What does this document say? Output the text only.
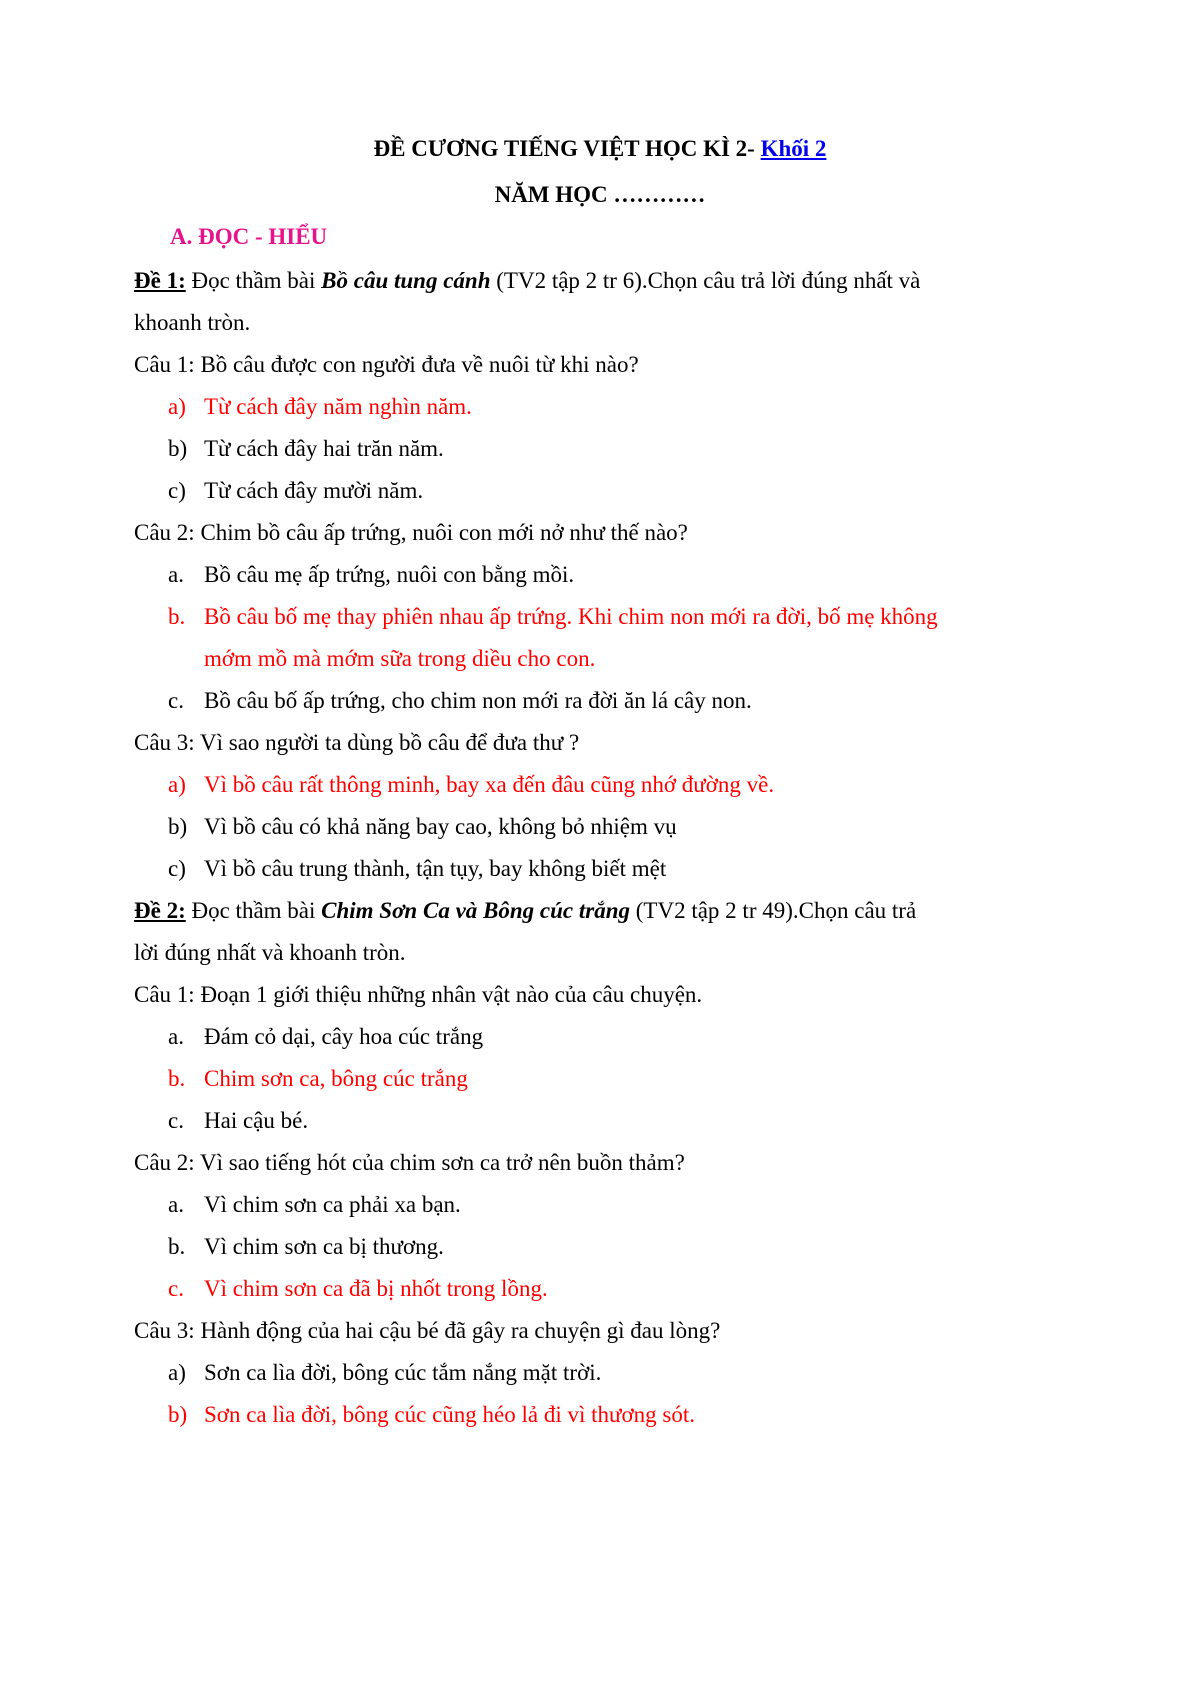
ĐỀ CƯƠNG TIẾNG VIỆT HỌC KÌ 2- Khối 2
NĂM HỌC …………
A. ĐỌC - HIỂU
Đề 1: Đọc thầm bài Bồ câu tung cánh (TV2 tập 2 tr 6).Chọn câu trả lời đúng nhất và
khoanh tròn.
Câu 1: Bồ câu được con người đưa về nuôi từ khi nào?
a) Từ cách đây năm nghìn năm.
b) Từ cách đây hai trăn năm.
c) Từ cách đây mười năm.
Câu 2: Chim bồ câu ấp trứng, nuôi con mới nở như thế nào?
a. Bồ câu mẹ ấp trứng, nuôi con bằng mồi.
b. Bồ câu bố mẹ thay phiên nhau ấp trứng. Khi chim non mới ra đời, bố mẹ không
mớm mồ mà mớm sữa trong diều cho con.
c. Bồ câu bố ấp trứng, cho chim non mới ra đời ăn lá cây non.
Câu 3: Vì sao người ta dùng bồ câu để đưa thư ?
a) Vì bồ câu rất thông minh, bay xa đến đâu cũng nhớ đường về.
b) Vì bồ câu có khả năng bay cao, không bỏ nhiệm vụ
c) Vì bồ câu trung thành, tận tụy, bay không biết mệt
Đề 2: Đọc thầm bài Chim Sơn Ca và Bông cúc trắng (TV2 tập 2 tr 49).Chọn câu trả
lời đúng nhất và khoanh tròn.
Câu 1: Đoạn 1 giới thiệu những nhân vật nào của câu chuyện.
a. Đám cỏ dại, cây hoa cúc trắng
b. Chim sơn ca, bông cúc trắng
c. Hai cậu bé.
Câu 2: Vì sao tiếng hót của chim sơn ca trở nên buồn thảm?
a. Vì chim sơn ca phải xa bạn.
b. Vì chim sơn ca bị thương.
c. Vì chim sơn ca đã bị nhốt trong lồng.
Câu 3: Hành động của hai cậu bé đã gây ra chuyện gì đau lòng?
a) Sơn ca lìa đời, bông cúc tắm nắng mặt trời.
b) Sơn ca lìa đời, bông cúc cũng héo lả đi vì thương sót.
